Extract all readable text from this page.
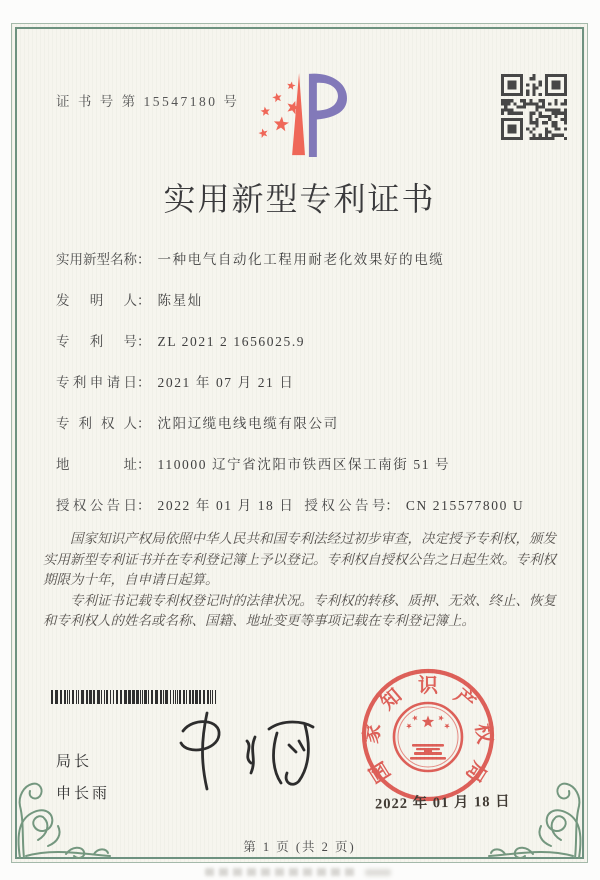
证 书 号 第 15547180 号
实用新型专利证书
实用新型名称： 一种电气自动化工程用耐老化效果好的电缆
发明人： 陈星灿
专利号： ZL 2021 2 1656025.9
专利申请日： 2021 年 07 月 21 日
专利权人： 沈阳辽缆电线电缆有限公司
地址： 110000 辽宁省沈阳市铁西区保工南街 51 号
授权公告日： 2022 年 01 月 18 日 授权公告号： CN 215577800 U

国家知识产权局依照中华人民共和国专利法经过初步审查，决定授予专利权，颁发实用新型专利证书并在专利登记簿上予以登记。专利权自授权公告之日起生效。专利权期限为十年，自申请日起算。

专利证书记载专利权登记时的法律状况。专利权的转移、质押、无效、终止、恢复和专利权人的姓名或名称、国籍、地址变更等事项记载在专利登记簿上。

局长
申长雨
国
家
知 识 产
权
局
2022 年 01 月 18 日
第 1 页 (共 2 页)
